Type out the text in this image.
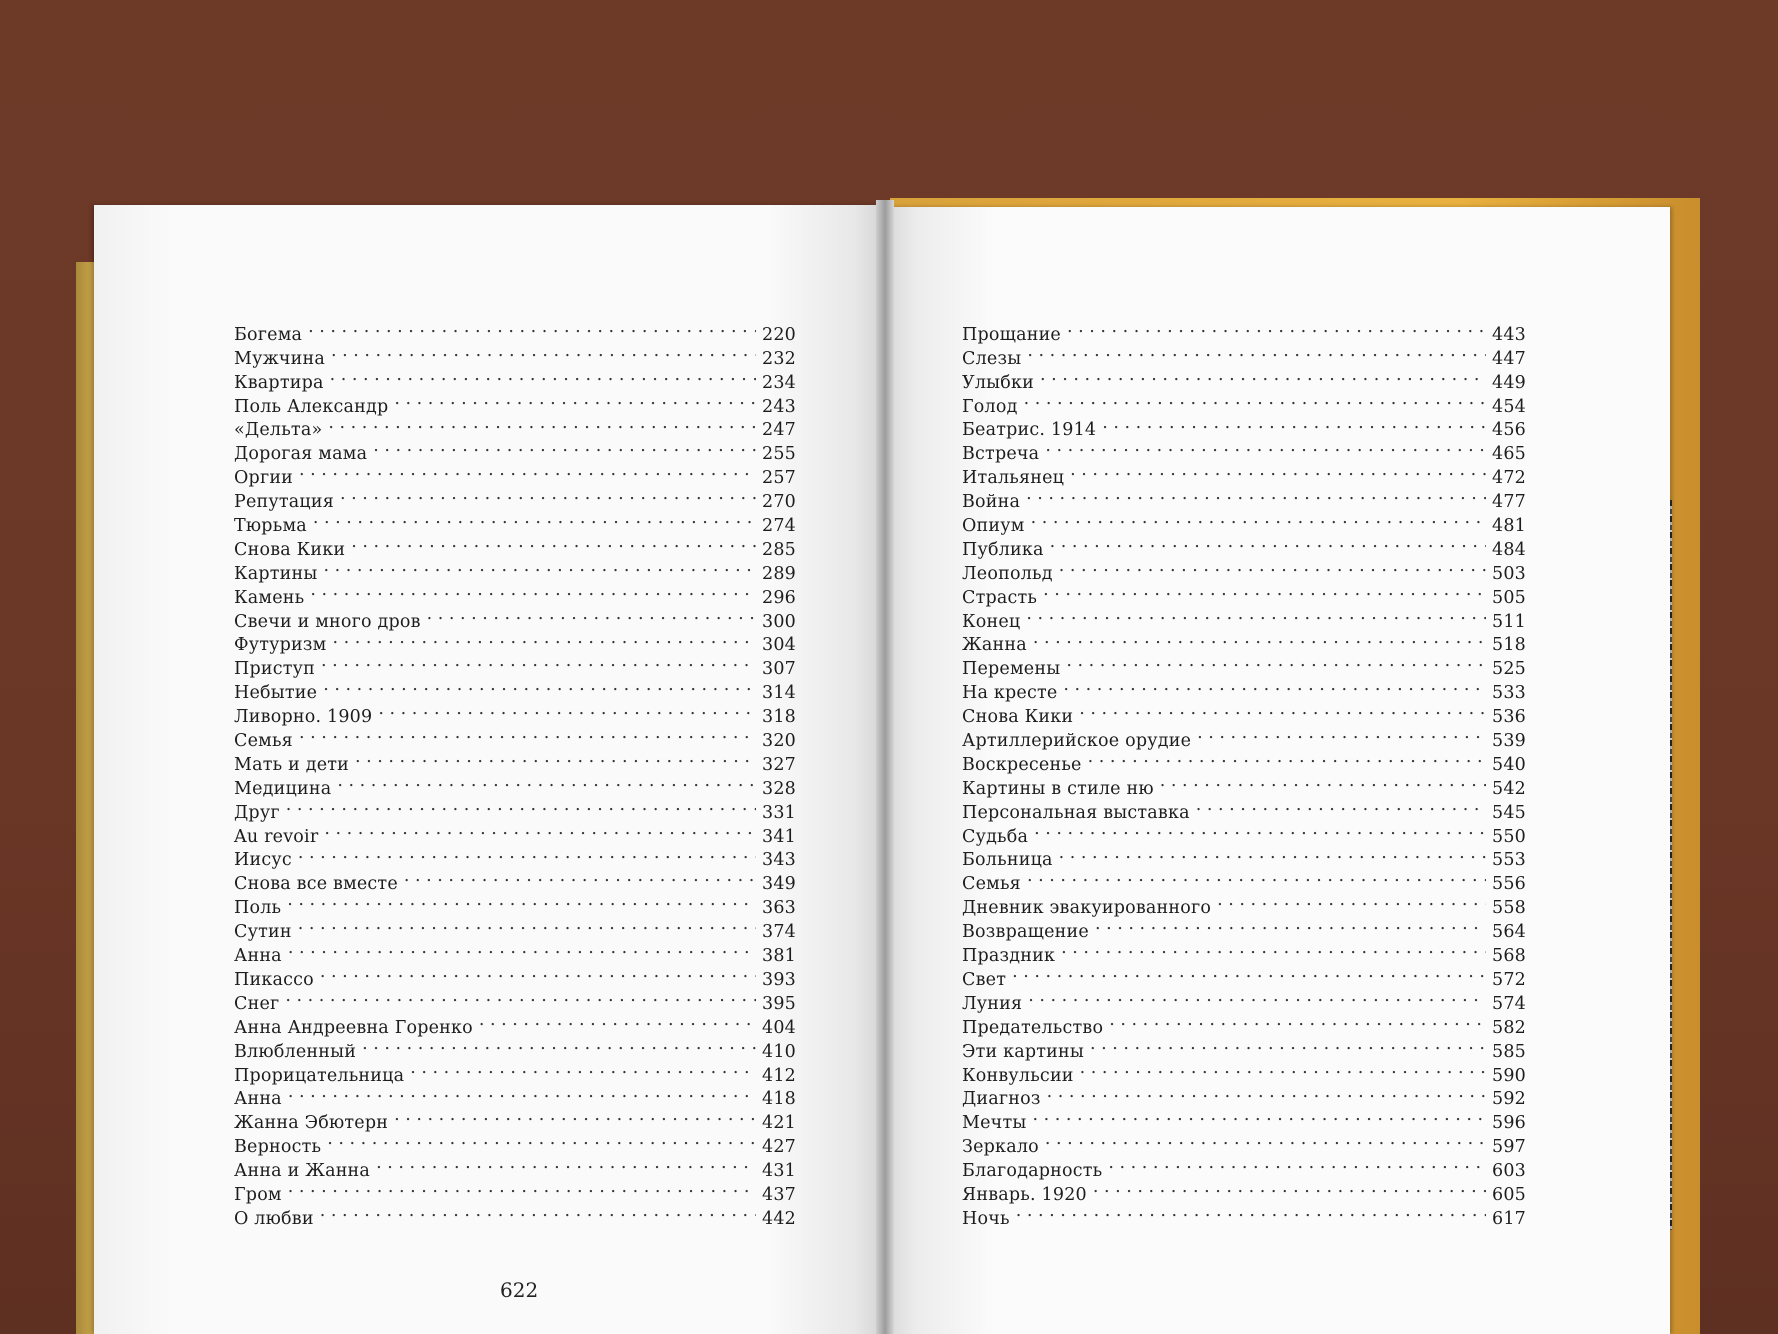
Богема . . .	220
Мужчина . . .	232
Квартира . . .	234
Поль Александр . . .	243
«Дельта» . . .	247
Дорогая мама . . .	255
Оргии . . .	257
Репутация . . .	270
Тюрьма . . .	274
Снова Кики . . .	285
Картины . . .	289
Камень . . .	296
Свечи и много дров . . .	300
Футуризм . . .	304
Приступ . . .	307
Небытие . . .	314
Ливорно. 1909 . . .	318
Семья . . .	320
Мать и дети . . .	327
Медицина . . .	328
Друг . . .	331
Au revoir . . .	341
Иисус . . .	343
Снова все вместе . . .	349
Поль . . .	363
Сутин . . .	374
Анна . . .	381
Пикассо . . .	393
Снег . . .	395
Анна Андреевна Горенко . . .	404
Влюбленный . . .	410
Прорицательница . . .	412
Анна . . .	418
Жанна Эбютерн . . .	421
Верность . . .	427
Анна и Жанна . . .	431
Гром . . .	437
О любви . . .	442
Прощание . . .	443
Слезы . . .	447
Улыбки . . .	449
Голод . . .	454
Беатрис. 1914 . . .	456
Встреча . . .	465
Итальянец . . .	472
Война . . .	477
Опиум . . .	481
Публика . . .	484
Леопольд . . .	503
Страсть . . .	505
Конец . . .	511
Жанна . . .	518
Перемены . . .	525
На кресте . . .	533
Снова Кики . . .	536
Артиллерийское орудие . . .	539
Воскресенье . . .	540
Картины в стиле ню . . .	542
Персональная выставка . . .	545
Судьба . . .	550
Больница . . .	553
Семья . . .	556
Дневник эвакуированного . . .	558
Возвращение . . .	564
Праздник . . .	568
Свет . . .	572
Луния . . .	574
Предательство . . .	582
Эти картины . . .	585
Конвульсии . . .	590
Диагноз . . .	592
Мечты . . .	596
Зеркало . . .	597
Благодарность . . .	603
Январь. 1920 . . .	605
Ночь . . .	617
622
